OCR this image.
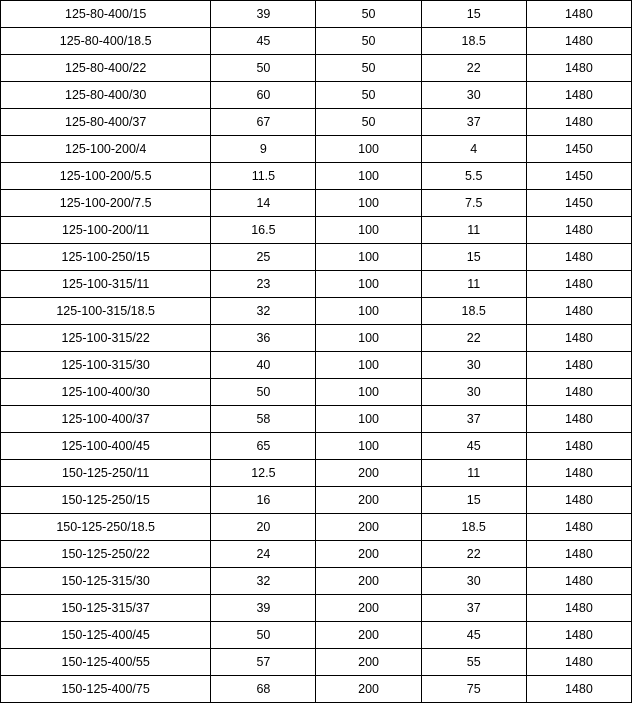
125-80-400/15	39	50	15	1480
125-80-400/18.5	45	50	18.5	1480
125-80-400/22	50	50	22	1480
125-80-400/30	60	50	30	1480
125-80-400/37	67	50	37	1480
125-100-200/4	9	100	4	1450
125-100-200/5.5	11.5	100	5.5	1450
125-100-200/7.5	14	100	7.5	1450
125-100-200/11	16.5	100	11	1480
125-100-250/15	25	100	15	1480
125-100-315/11	23	100	11	1480
125-100-315/18.5	32	100	18.5	1480
125-100-315/22	36	100	22	1480
125-100-315/30	40	100	30	1480
125-100-400/30	50	100	30	1480
125-100-400/37	58	100	37	1480
125-100-400/45	65	100	45	1480
150-125-250/11	12.5	200	11	1480
150-125-250/15	16	200	15	1480
150-125-250/18.5	20	200	18.5	1480
150-125-250/22	24	200	22	1480
150-125-315/30	32	200	30	1480
150-125-315/37	39	200	37	1480
150-125-400/45	50	200	45	1480
150-125-400/55	57	200	55	1480
150-125-400/75	68	200	75	1480
